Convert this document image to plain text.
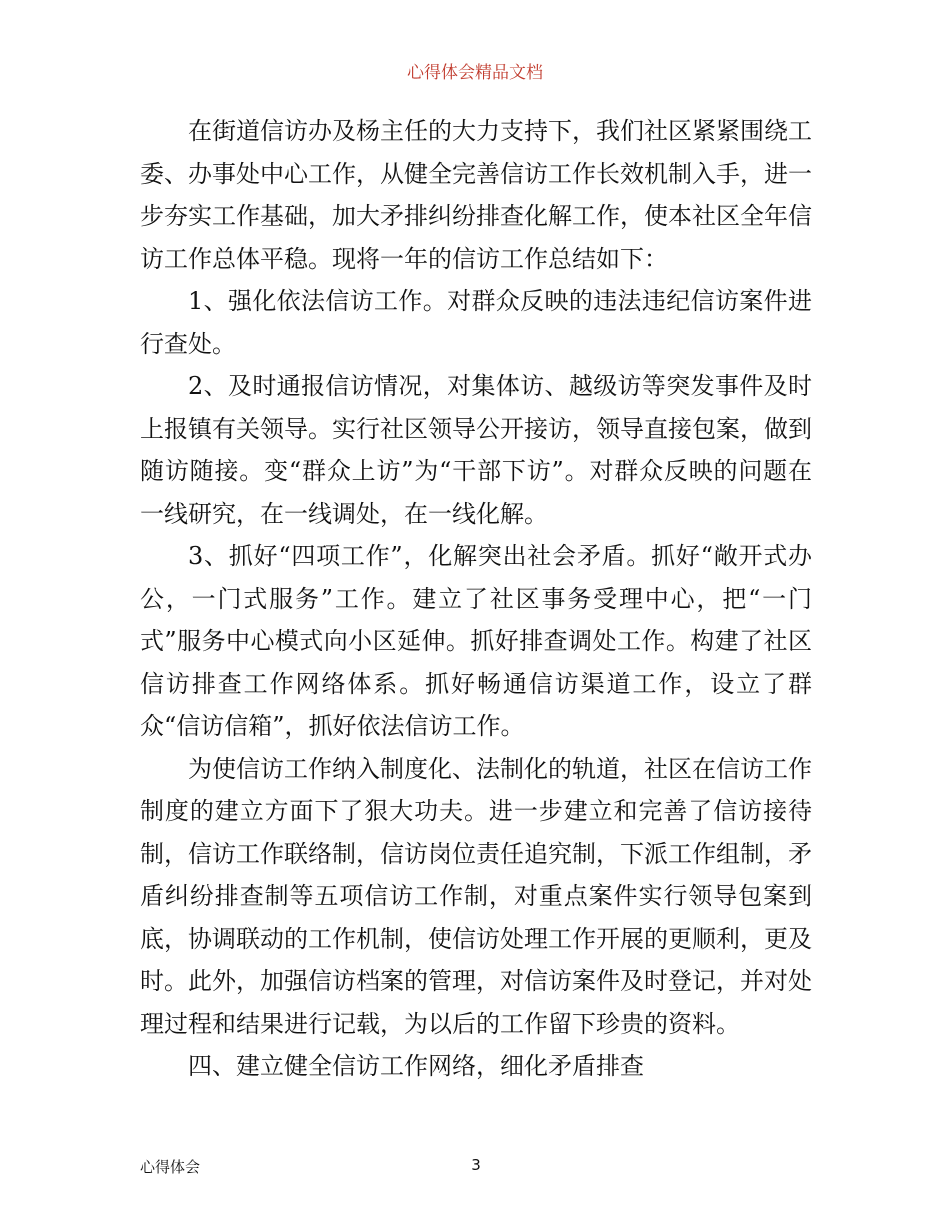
心得体会精品文档

在街道信访办及杨主任的大力支持下，我们社区紧紧围绕工委、办事处中心工作，从健全完善信访工作长效机制入手，进一步夯实工作基础，加大矛排纠纷排查化解工作，使本社区全年信访工作总体平稳。现将一年的信访工作总结如下：

1、强化依法信访工作。对群众反映的违法违纪信访案件进行查处。

2、及时通报信访情况，对集体访、越级访等突发事件及时上报镇有关领导。实行社区领导公开接访，领导直接包案，做到随访随接。变“群众上访”为“干部下访”。对群众反映的问题在一线研究，在一线调处，在一线化解。

3、抓好“四项工作”，化解突出社会矛盾。抓好“敞开式办公，一门式服务”工作。建立了社区事务受理中心，把“一门式”服务中心模式向小区延伸。抓好排查调处工作。构建了社区信访排查工作网络体系。抓好畅通信访渠道工作，设立了群众“信访信箱”，抓好依法信访工作。

为使信访工作纳入制度化、法制化的轨道，社区在信访工作制度的建立方面下了狠大功夫。进一步建立和完善了信访接待制，信访工作联络制，信访岗位责任追究制，下派工作组制，矛盾纠纷排查制等五项信访工作制，对重点案件实行领导包案到底，协调联动的工作机制，使信访处理工作开展的更顺利，更及时。此外，加强信访档案的管理，对信访案件及时登记，并对处理过程和结果进行记载，为以后的工作留下珍贵的资料。

四、建立健全信访工作网络，细化矛盾排查

心得体会	3
